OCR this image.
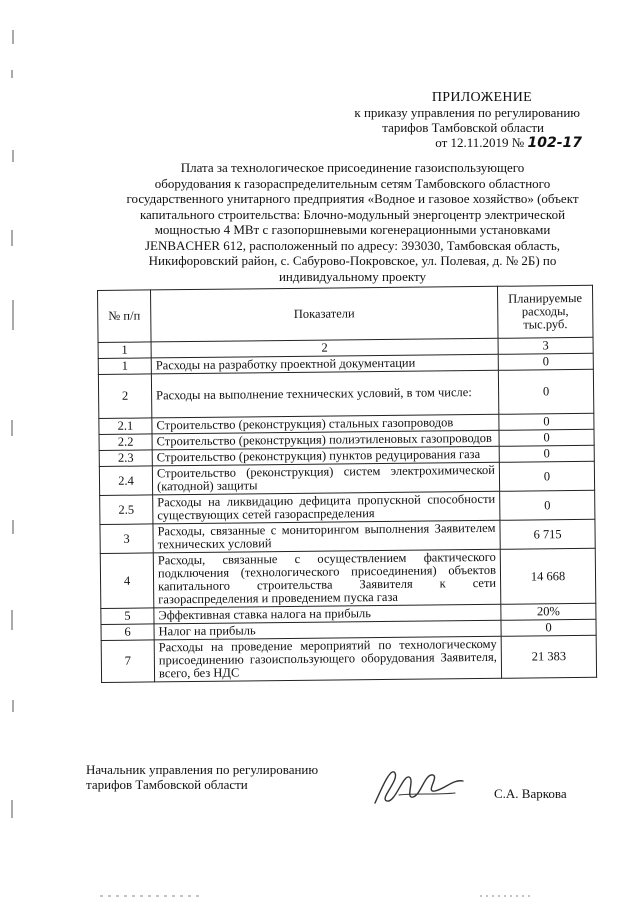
ПРИЛОЖЕНИЕ
к приказу управления по регулированию
тарифов Тамбовской области
от 12.11.2019 № 102-17
Плата за технологическое присоединение газоиспользующего
оборудования к газораспределительным сетям Тамбовского областного
государственного унитарного предприятия «Водное и газовое хозяйство» (объект
капитального строительства: Блочно-модульный энергоцентр электрической
мощностью 4 МВт с газопоршневыми когенерационными установками
JENBACHER 612, расположенный по адресу: 393030, Тамбовская область,
Никифоровский район, с. Сабурово-Покровское, ул. Полевая, д. № 2Б) по
индивидуальному проекту
№ п/п	Показатели	Планируемые расходы, тыс.руб.
1	2	3
1	Расходы на разработку проектной документации	0
2	Расходы на выполнение технических условий, в том числе:	0
2.1	Строительство (реконструкция) стальных газопроводов	0
2.2	Строительство (реконструкция) полиэтиленовых газопроводов	0
2.3	Строительство (реконструкция) пунктов редуцирования газа	0
2.4	Строительство (реконструкция) систем электрохимической (катодной) защиты	0
2.5	Расходы на ликвидацию дефицита пропускной способности существующих сетей газораспределения	0
3	Расходы, связанные с мониторингом выполнения Заявителем технических условий	6 715
4	Расходы, связанные с осуществлением фактического подключения (технологического присоединения) объектов капитального строительства Заявителя к сети газораспределения и проведением пуска газа	14 668
5	Эффективная ставка налога на прибыль	20%
6	Налог на прибыль	0
7	Расходы на проведение мероприятий по технологическому присоединению газоиспользующего оборудования Заявителя, всего, без НДС	21 383
Начальник управления по регулированию
тарифов Тамбовской области
С.А. Варкова
